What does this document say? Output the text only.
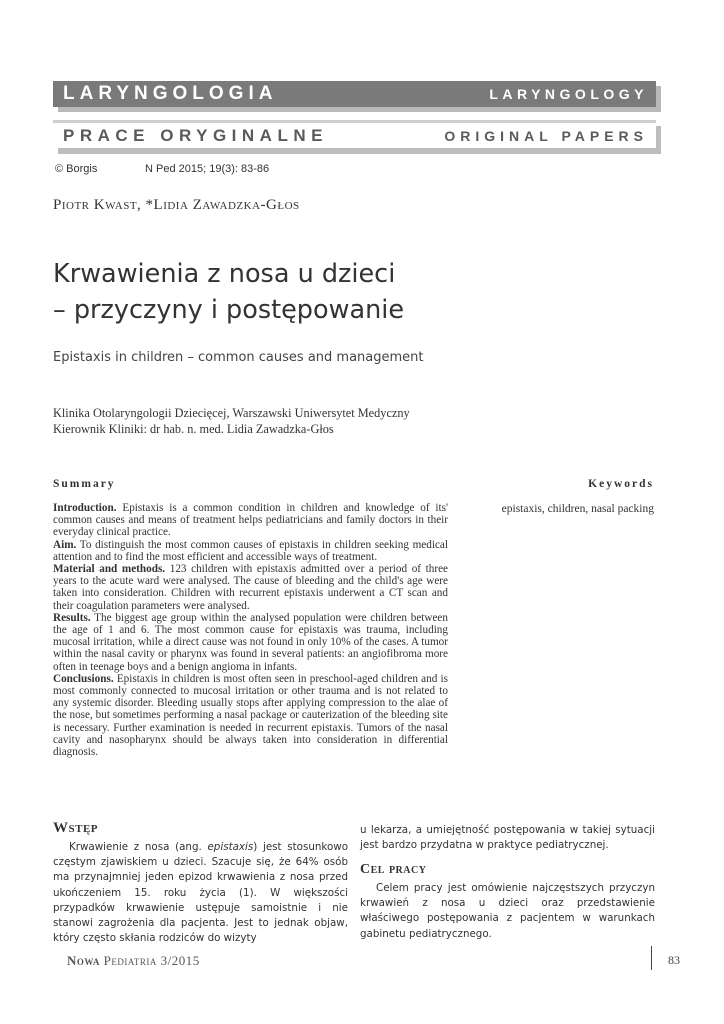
LARYNGOLOGIA	LARYNGOLOGY
PRACE ORYGINALNE	ORIGINAL PAPERS
© Borgis	N Ped 2015; 19(3): 83-86
Piotr Kwast, *Lidia Zawadzka-Głos
Krwawienia z nosa u dzieci
– przyczyny i postępowanie
Epistaxis in children – common causes and management
Klinika Otolaryngologii Dziecięcej, Warszawski Uniwersytet Medyczny
Kierownik Kliniki: dr hab. n. med. Lidia Zawadzka-Głos
Summary	Keywords
epistaxis, children, nasal packing

Introduction. Epistaxis is a common condition in children and knowledge of its' common causes and means of treatment helps pediatricians and family doctors in their everyday clinical practice.

Aim. To distinguish the most common causes of epistaxis in children seeking medical attention and to find the most efficient and accessible ways of treatment.

Material and methods. 123 children with epistaxis admitted over a period of three years to the acute ward were analysed. The cause of bleeding and the child's age were taken into consideration. Children with recurrent epistaxis underwent a CT scan and their coagulation parameters were analysed.

Results. The biggest age group within the analysed population were children between the age of 1 and 6. The most common cause for epistaxis was trauma, including mucosal irritation, while a direct cause was not found in only 10% of the cases. A tumor within the nasal cavity or pharynx was found in several patients: an angiofibroma more often in teenage boys and a benign angioma in infants.

Conclusions. Epistaxis in children is most often seen in preschool-aged children and is most commonly connected to mucosal irritation or other trauma and is not related to any systemic disorder. Bleeding usually stops after applying compression to the alae of the nose, but sometimes performing a nasal package or cauterization of the bleeding site is necessary. Further examination is needed in recurrent epistaxis. Tumors of the nasal cavity and nasopharynx should be always taken into consideration in differential diagnosis.

Wstęp

Krwawienie z nosa (ang. epistaxis) jest stosunkowo częstym zjawiskiem u dzieci. Szacuje się, że 64% osób ma przynajmniej jeden epizod krwawienia z nosa przed ukończeniem 15. roku życia (1). W większości przypadków krwawienie ustępuje samoistnie i nie stanowi zagrożenia dla pacjenta. Jest to jednak objaw, który często skłania rodziców do wizyty

u lekarza, a umiejętność postępowania w takiej sytuacji jest bardzo przydatna w praktyce pediatrycznej.

Cel pracy

Celem pracy jest omówienie najczęstszych przyczyn krwawień z nosa u dzieci oraz przedstawienie właściwego postępowania z pacjentem w warunkach gabinetu pediatrycznego.

Nowa Pediatria 3/2015	83
